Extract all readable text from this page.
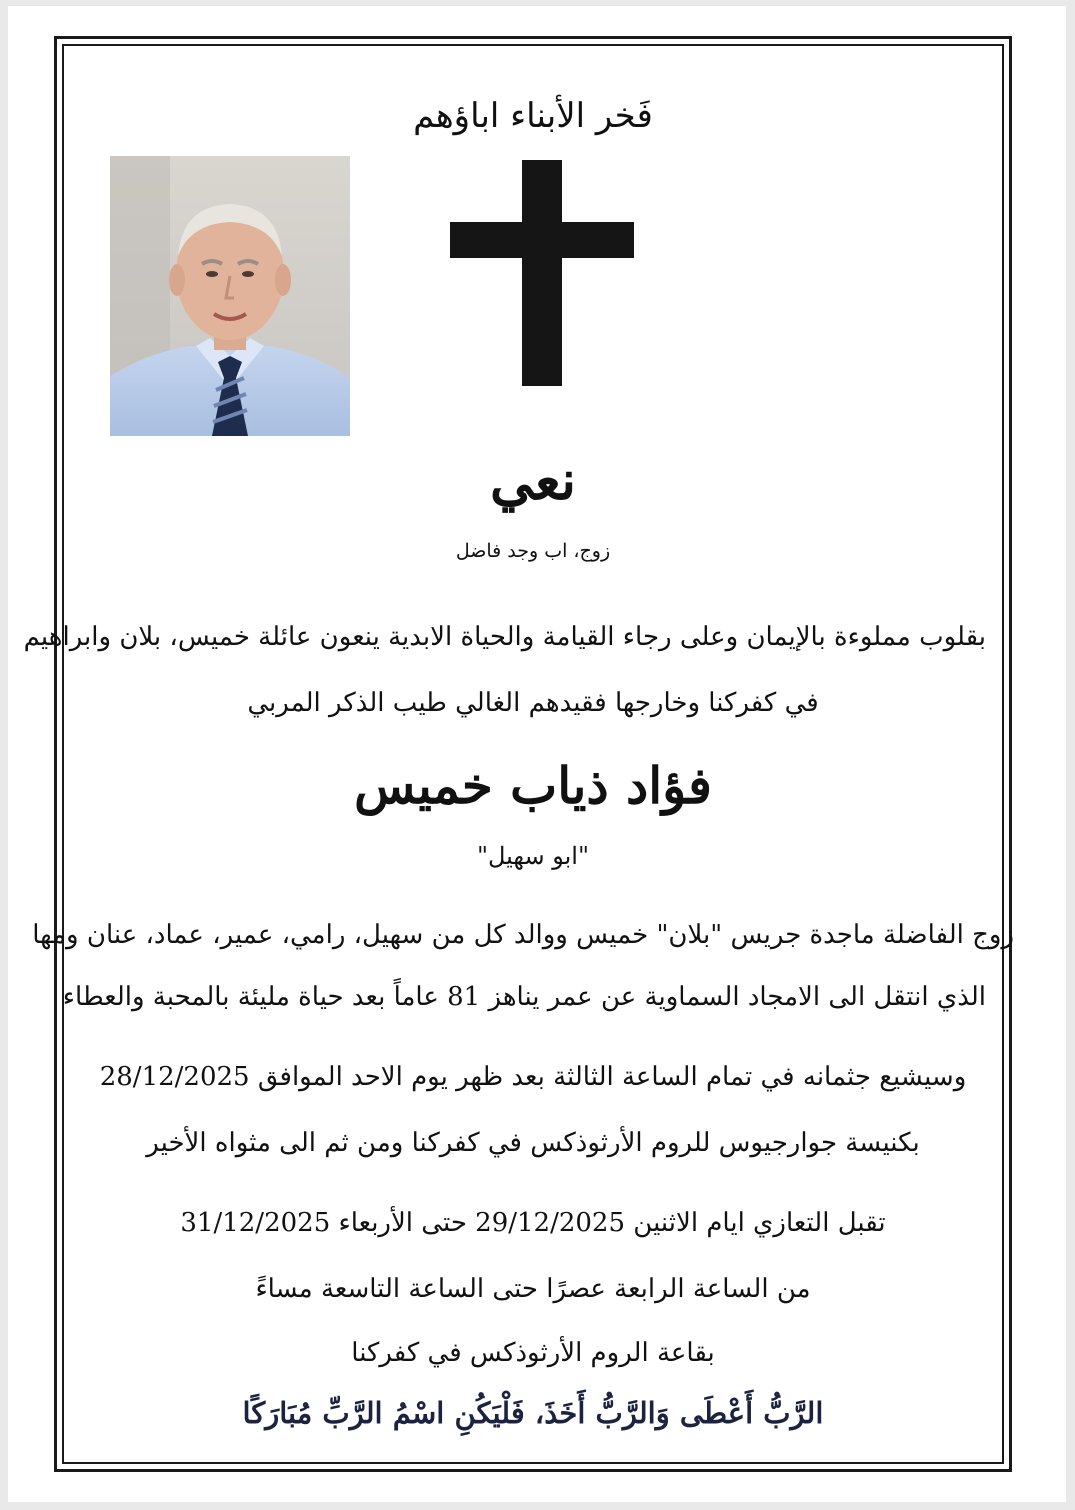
فَخر الأبناء اباؤهم

نعي

زوج، اب وجد فاضل

بقلوب مملوءة بالإيمان وعلى رجاء القيامة والحياة الابدية ينعون عائلة خميس، بلان وابراهيم

في كفركنا وخارجها فقيدهم الغالي طيب الذكر المربي

فؤاد ذياب خميس

"ابو سهيل"

زوج الفاضلة ماجدة جريس "بلان" خميس ووالد كل من سهيل، رامي، عمير، عماد، عنان ومها

الذي انتقل الى الامجاد السماوية عن عمر يناهز 81 عاماً بعد حياة مليئة بالمحبة والعطاء

وسيشيع جثمانه في تمام الساعة الثالثة بعد ظهر يوم الاحد الموافق 28/12/2025

بكنيسة جوارجيوس للروم الأرثوذكس في كفركنا ومن ثم الى مثواه الأخير

تقبل التعازي ايام الاثنين 29/12/2025 حتى الأربعاء 31/12/2025

من الساعة الرابعة عصرًا حتى الساعة التاسعة مساءً

بقاعة الروم الأرثوذكس في كفركنا

الرَّبُّ أَعْطَى وَالرَّبُّ أَخَذَ، فَلْيَكُنِ اسْمُ الرَّبِّ مُبَارَكًا
